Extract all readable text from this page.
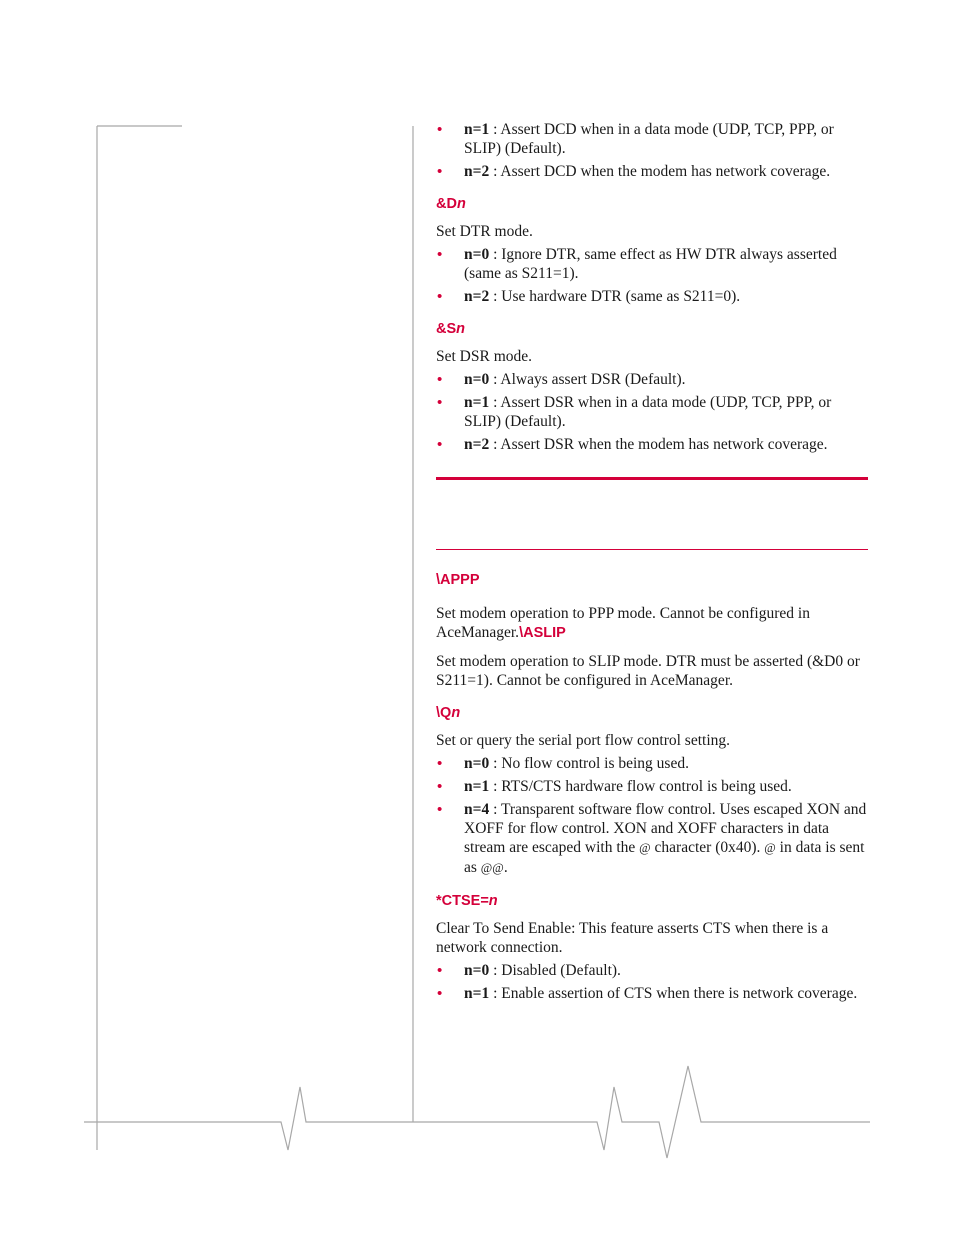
• n=1 : Assert DCD when in a data mode (UDP, TCP, PPP, or SLIP) (Default).
• n=2 : Assert DCD when the modem has network coverage.
&Dn

Set DTR mode.

• n=0 : Ignore DTR, same effect as HW DTR always asserted (same as S211=1).
• n=2 : Use hardware DTR (same as S211=0).
&Sn

Set DSR mode.

• n=0 : Always assert DSR (Default).
• n=1 : Assert DSR when in a data mode (UDP, TCP, PPP, or SLIP) (Default).
• n=2 : Assert DSR when the modem has network coverage.
\APPP

Set modem operation to PPP mode. Cannot be configured in AceManager.\ASLIP

Set modem operation to SLIP mode. DTR must be asserted (&D0 or S211=1). Cannot be configured in AceManager.

\Qn

Set or query the serial port flow control setting.

• n=0 : No flow control is being used.
• n=1 : RTS/CTS hardware flow control is being used.
• n=4 : Transparent software flow control. Uses escaped XON and XOFF for flow control. XON and XOFF characters in data stream are escaped with the @ character (0x40). @ in data is sent as @@.
*CTSE=n

Clear To Send Enable: This feature asserts CTS when there is a network connection.

• n=0 : Disabled (Default).
• n=1 : Enable assertion of CTS when there is network coverage.
